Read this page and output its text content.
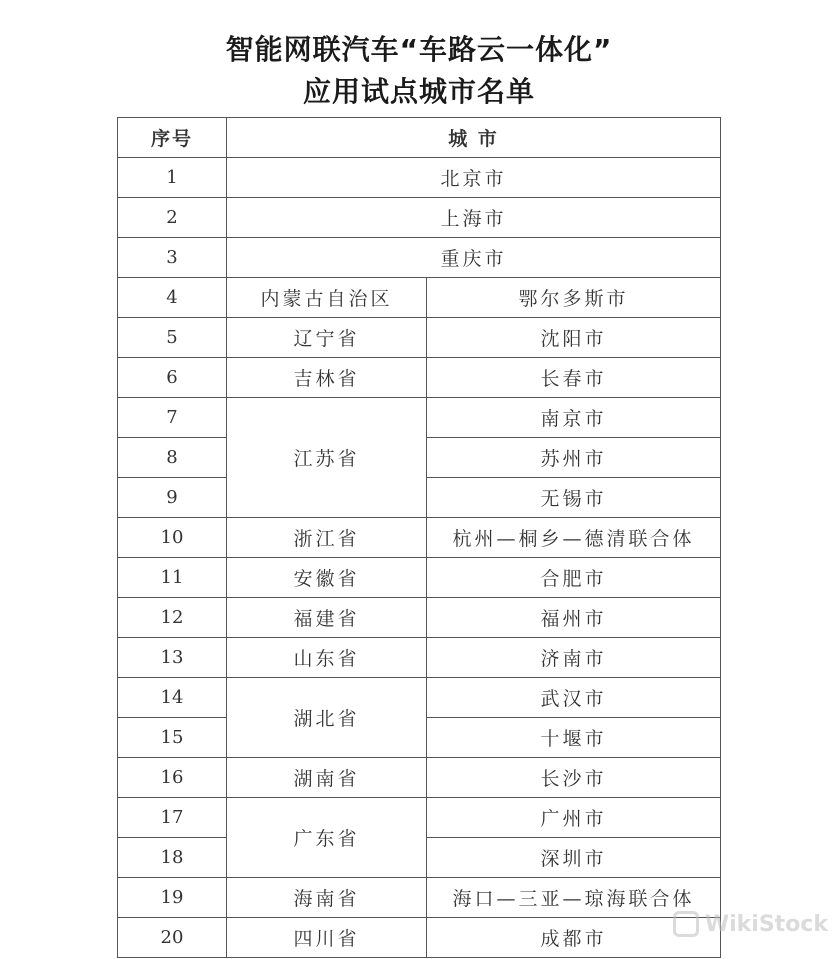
智能网联汽车“车路云一体化”
应用试点城市名单
序号	城 市	
1	北京市	
2	上海市	
3	重庆市	
4	内蒙古自治区	鄂尔多斯市
5	辽宁省	沈阳市
6	吉林省	长春市
7	江苏省	南京市
8		苏州市
9		无锡市
10	浙江省	杭州—桐乡—德清联合体
11	安徽省	合肥市
12	福建省	福州市
13	山东省	济南市
14	湖北省	武汉市
15		十堰市
16	湖南省	长沙市
17	广东省	广州市
18		深圳市
19	海南省	海口—三亚—琼海联合体
20	四川省	成都市
WikiStock
